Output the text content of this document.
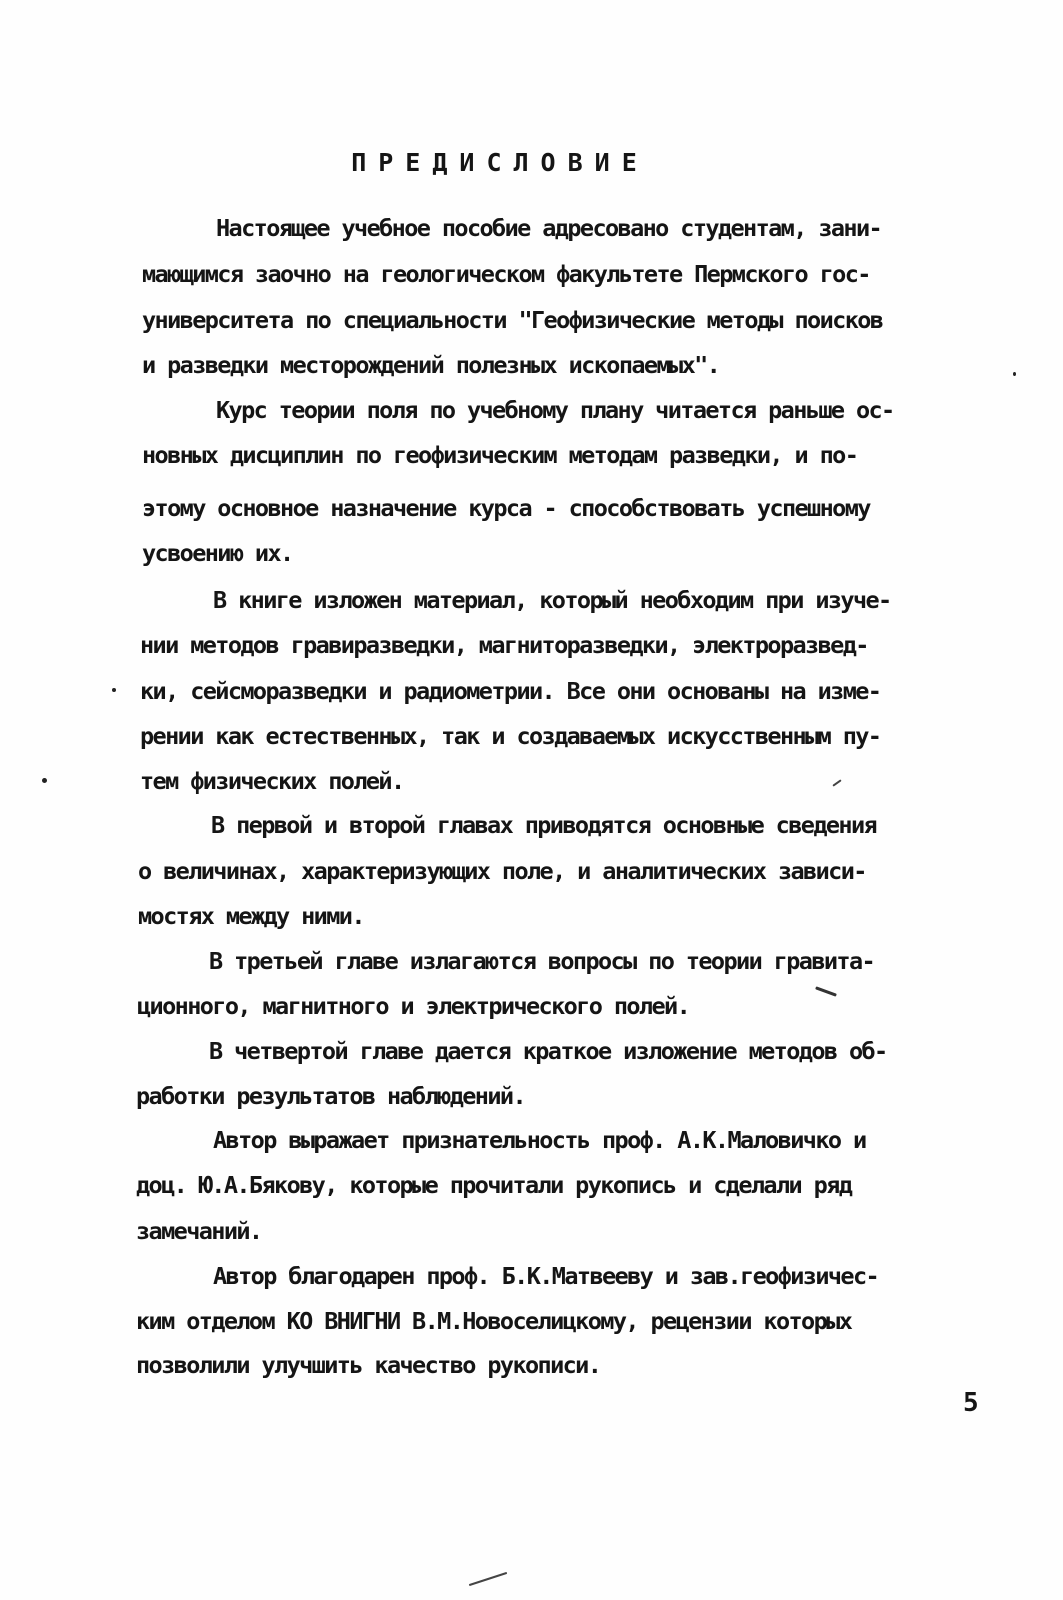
ПРЕДИСЛОВИЕ
Настоящее учебное пособие адресовано студентам, зани-
мающимся заочно на геологическом факультете Пермского гос-
университета по специальности "Геофизические методы поисков
и разведки месторождений полезных ископаемых".
Курс теории поля по учебному плану читается раньше ос-
новных дисциплин по геофизическим методам разведки, и по-
этому основное назначение курса - способствовать успешному
усвоению их.
В книге изложен материал, который необходим при изуче-
нии методов гравиразведки, магниторазведки, электроразвед-
ки, сейсморазведки и радиометрии. Все они основаны на изме-
рении как естественных, так и создаваемых искусственным пу-
тем физических полей.
В первой и второй главах приводятся основные сведения
о величинах, характеризующих поле, и аналитических зависи-
мостях между ними.
В третьей главе излагаются вопросы по теории гравита-
ционного, магнитного и электрического полей.
В четвертой главе дается краткое изложение методов об-
работки результатов наблюдений.
Автор выражает признательность проф. А.К.Маловичко и
доц. Ю.А.Бякову, которые прочитали рукопись и сделали ряд
замечаний.
Автор благодарен проф. Б.К.Матвееву и зав.геофизичес-
ким отделом КО ВНИГНИ В.М.Новоселицкому, рецензии которых
позволили улучшить качество рукописи.
5
